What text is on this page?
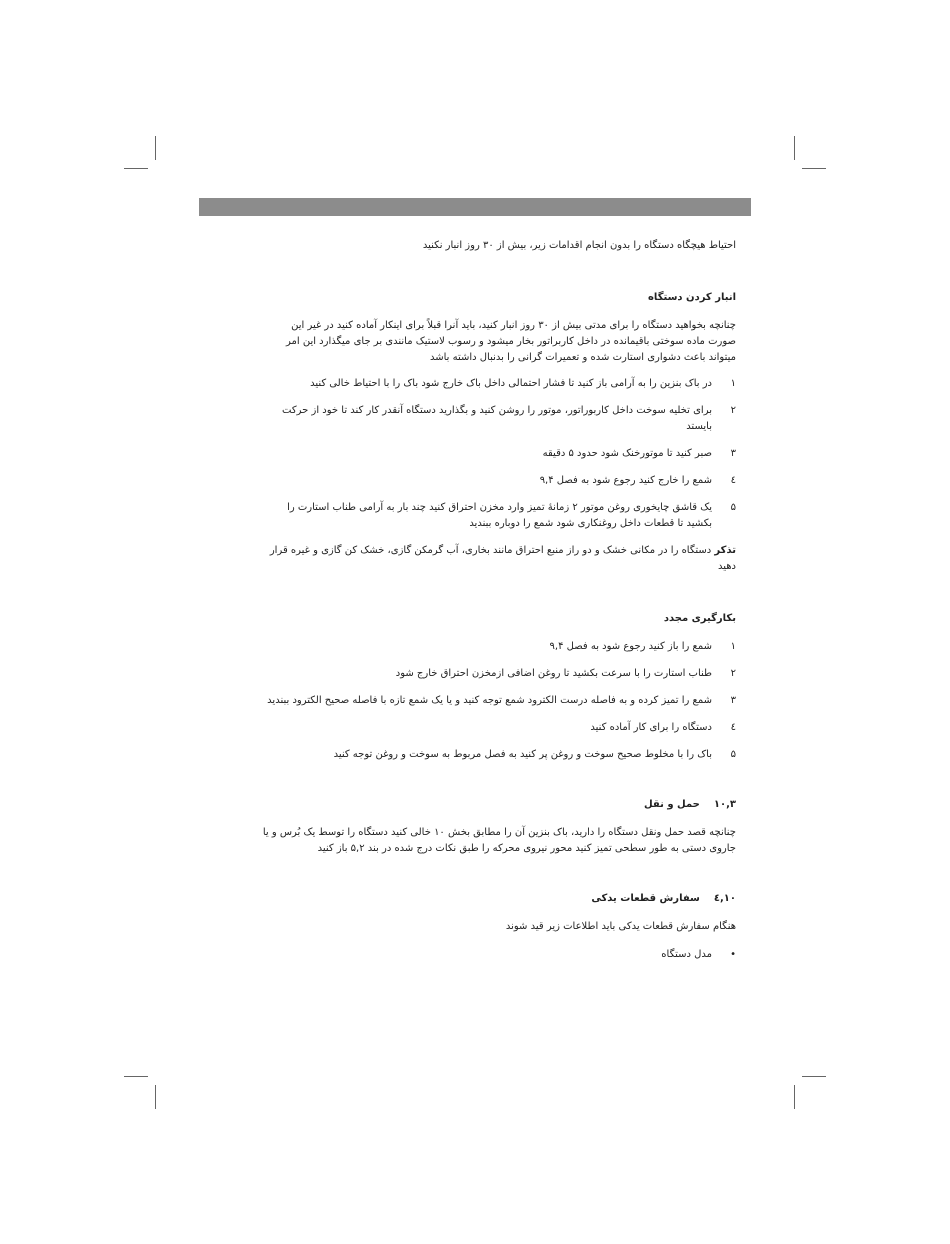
احتیاط هیچگاه دستگاه را بدون انجام اقدامات زیر، بیش از ۳۰ روز انبار نکنید

انبار کردن دستگاه

چنانچه بخواهید دستگاه را برای مدتی بیش از ۳۰ روز انبار کنید، باید آنرا قبلاً برای اینکار آماده کنید در غیر این صورت ماده سوختی باقیمانده در داخل کاربراتور بخار میشود و رسوب لاستیک مانندی بر جای میگذارد این امر میتواند باعث دشواری استارت شده و تعمیرات گرانی را بدنبال داشته باشد

۱
در باک بنزین را به آرامی باز کنید تا فشار احتمالی داخل باک خارج شود باک را با احتیاط خالی کنید
۲
برای تخلیه سوخت داخل کاربوراتور، موتور را روشن کنید و بگذارید دستگاه آنقدر کار کند تا خود از حرکت بایستد
۳
صبر کنید تا موتورخنک شود حدود ۵ دقیقه
٤
شمع را خارج کنید رجوع شود به فصل ۹,۴
۵
یک قاشق چایخوری روغن موتور ۲ زمانهٔ تمیز وارد مخزن احتراق کنید چند بار به آرامی طناب استارت را بکشید تا قطعات داخل روغنکاری شود شمع را دوباره ببندید

تذکر دستگاه را در مکانی خشک و دو راز منبع احتراق مانند بخاری، آب گرمکن گازی، خشک کن گازی و غیره قرار دهید

بکارگیری مجدد
۱
شمع را باز کنید رجوع شود به فصل ۹,۴
۲
طناب استارت را با سرعت بکشید تا روغن اضافی ازمخزن احتراق خارج شود
۳
شمع را تمیز کرده و به فاصله درست الکترود شمع توجه کنید و یا یک شمع تازه با فاصله صحیح الکترود ببندید
٤
دستگاه را برای کار آماده کنید
۵
باک را با مخلوط صحیح سوخت و روغن پر کنید به فصل مربوط به سوخت و روغن توجه کنید
۱۰,۳
حمل و نقل

چنانچه قصد حمل ونقل دستگاه را دارید، باک بنزین آن را مطابق بخش ۱۰ خالی کنید دستگاه را توسط یک بُرس و یا جاروی دستی به طور سطحی تمیز کنید محور نیروی محرکه را طبق نکات درج شده در بند ۵,۲ باز کنید

۱۰,٤
سفارش قطعات یدکی

هنگام سفارش قطعات یدکی باید اطلاعات زیر قید شوند

•
مدل دستگاه
